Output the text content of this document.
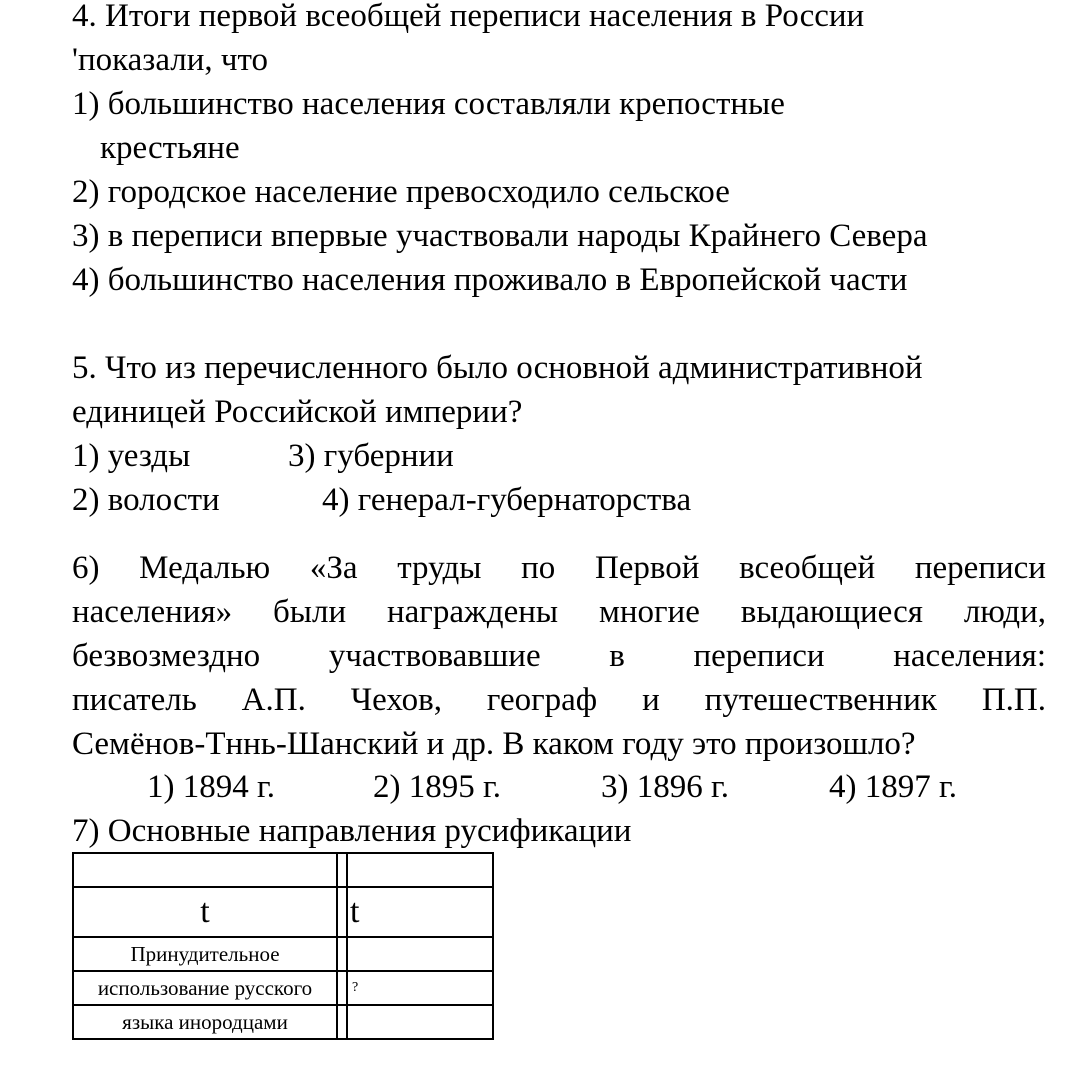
4. Итоги первой всеобщей переписи населения в России
'показали, что
1) большинство населения составляли крепостные
крестьяне
2) городское население превосходило сельское
3) в переписи впервые участвовали народы Крайнего Севера
4) большинство населения проживало в Европейской части
5. Что из перечисленного было основной административной
единицей Российской империи?
1) уезды	3) губернии
2) волости	4) генерал-губернаторства
6) Медалью «За труды по Первой всеобщей переписи
населения» были награждены многие выдающиеся люди,
безвозмездно участвовавшие в переписи населения:
писатель А.П. Чехов, географ и путешественник П.П.
Семёнов-Тннь-Шанский и др. В каком году это произошло?
1) 1894 г.	2) 1895 г.	3) 1896 г.	4) 1897 г.
7) Основные направления русификации

t		t
Принудительное		
использование русского		?
языка инородцами		
